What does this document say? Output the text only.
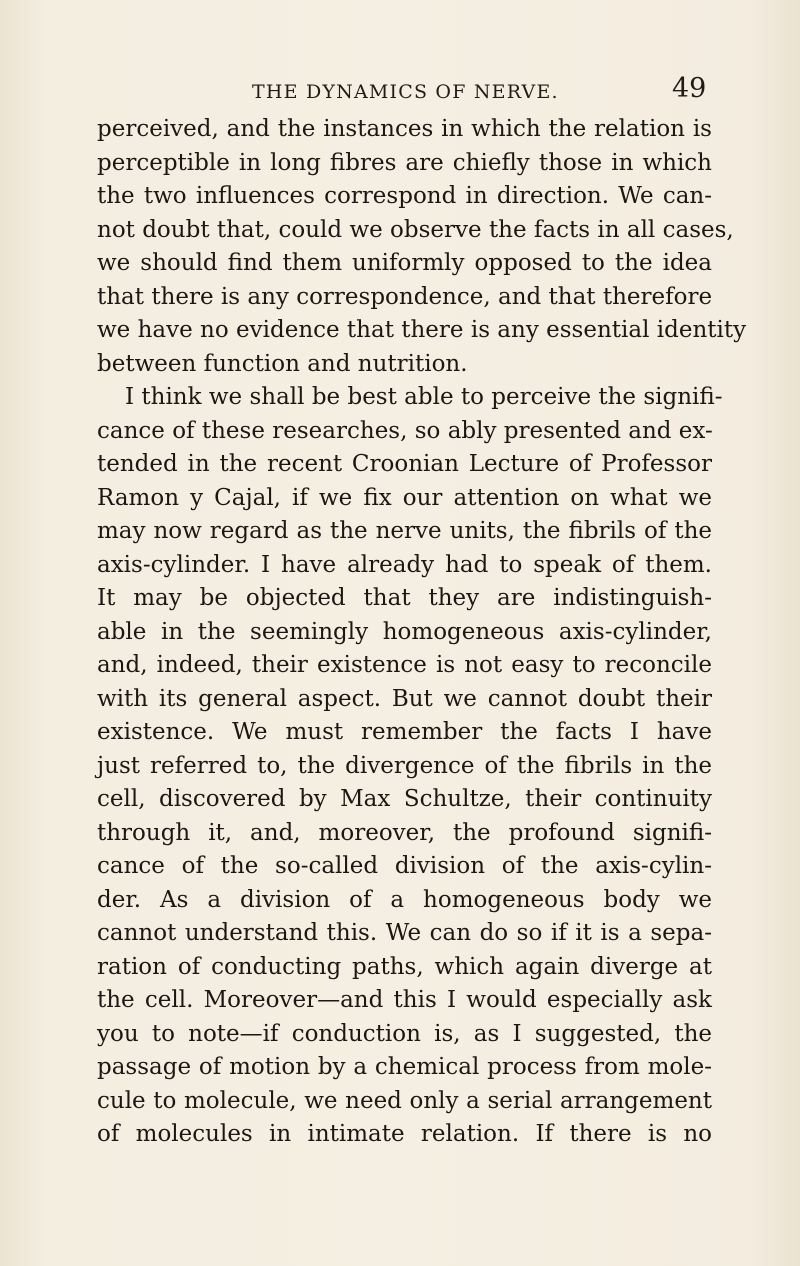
THE DYNAMICS OF NERVE.	49
perceived, and the instances in which the relation is
perceptible in long fibres are chiefly those in which
the two influences correspond in direction. We can-
not doubt that, could we observe the facts in all cases,
we should find them uniformly opposed to the idea
that there is any correspondence, and that therefore
we have no evidence that there is any essential identity
between function and nutrition.
I think we shall be best able to perceive the signifi-
cance of these researches, so ably presented and ex-
tended in the recent Croonian Lecture of Professor
Ramon y Cajal, if we fix our attention on what we
may now regard as the nerve units, the fibrils of the
axis-cylinder. I have already had to speak of them.
It may be objected that they are indistinguish-
able in the seemingly homogeneous axis-cylinder,
and, indeed, their existence is not easy to reconcile
with its general aspect. But we cannot doubt their
existence. We must remember the facts I have
just referred to, the divergence of the fibrils in the
cell, discovered by Max Schultze, their continuity
through it, and, moreover, the profound signifi-
cance of the so-called division of the axis-cylin-
der. As a division of a homogeneous body we
cannot understand this. We can do so if it is a sepa-
ration of conducting paths, which again diverge at
the cell. Moreover—and this I would especially ask
you to note—if conduction is, as I suggested, the
passage of motion by a chemical process from mole-
cule to molecule, we need only a serial arrangement
of molecules in intimate relation. If there is no
